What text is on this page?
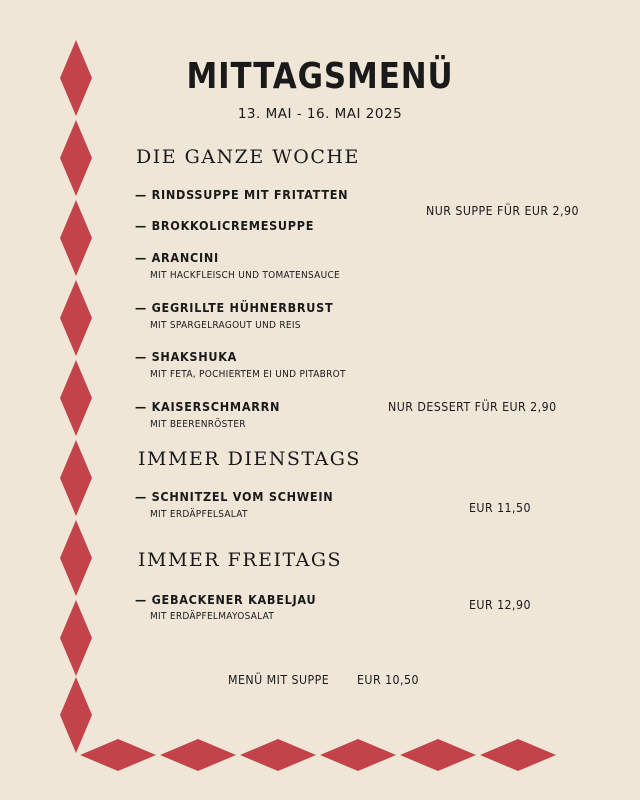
MITTAGSMENÜ
13. MAI - 16. MAI 2025
DIE GANZE WOCHE
— RINDSSUPPE MIT FRITATTEN
— BROKKOLICREMESUPPE
— ARANCINI
MIT HACKFLEISCH UND TOMATENSAUCE
— GEGRILLTE HÜHNERBRUST
MIT SPARGELRAGOUT UND REIS
— SHAKSHUKA
MIT FETA, POCHIERTEM EI UND PITABROT
— KAISERSCHMARRN
MIT BEERENRÖSTER
NUR SUPPE FÜR EUR 2,90
NUR DESSERT FÜR EUR 2,90
IMMER DIENSTAGS
— SCHNITZEL VOM SCHWEIN
MIT ERDÄPFELSALAT	EUR 11,50
IMMER FREITAGS
— GEBACKENER KABELJAU
MIT ERDÄPFELMAYOSALAT
EUR 12,90
MENÜ MIT SUPPE EUR 10,50
